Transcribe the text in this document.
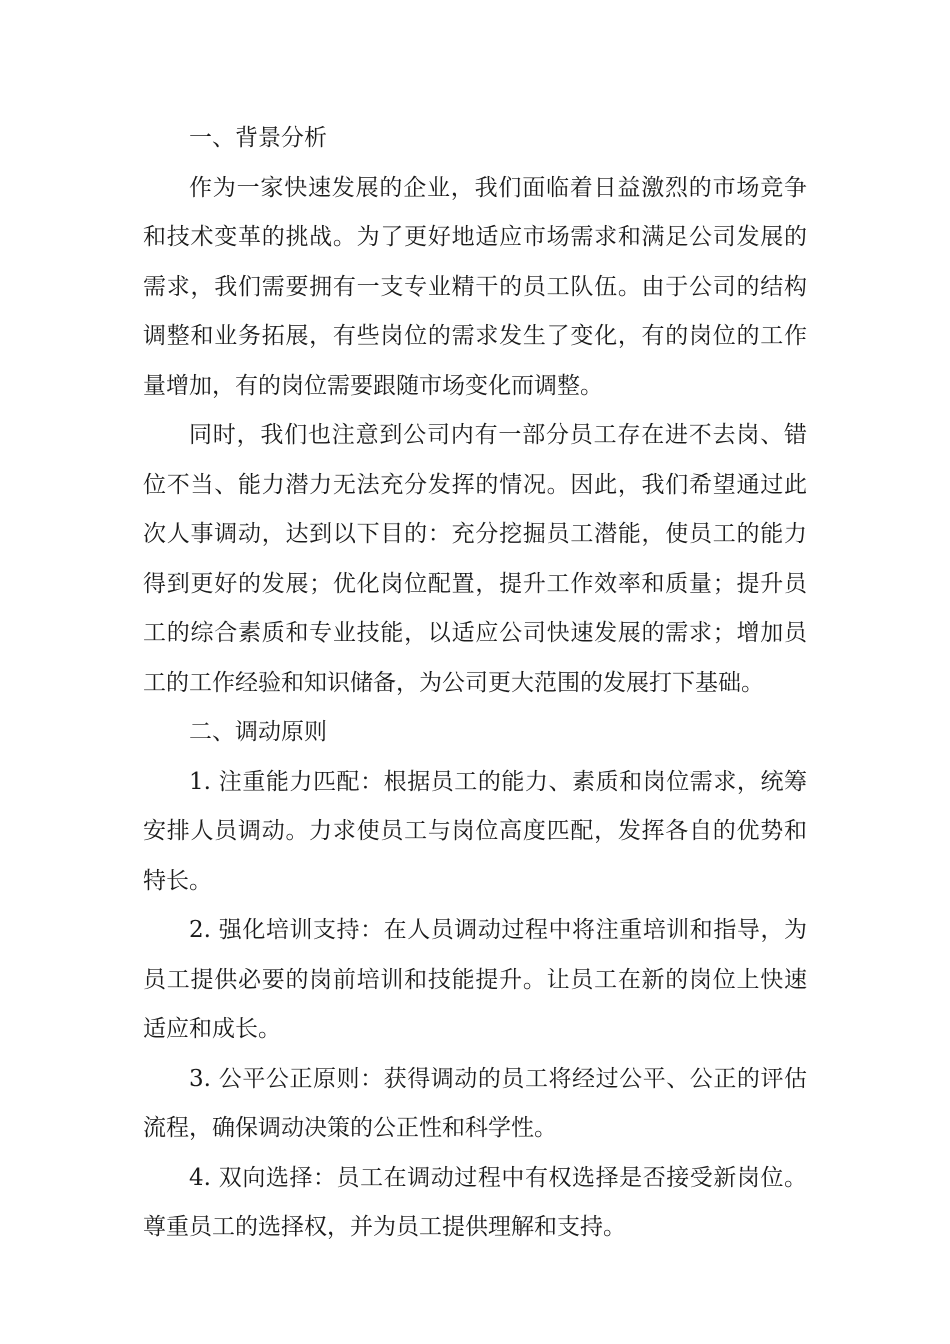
一、背景分析

作为一家快速发展的企业，我们面临着日益激烈的市场竞争和技术变革的挑战。为了更好地适应市场需求和满足公司发展的需求，我们需要拥有一支专业精干的员工队伍。由于公司的结构调整和业务拓展，有些岗位的需求发生了变化，有的岗位的工作量增加，有的岗位需要跟随市场变化而调整。

同时，我们也注意到公司内有一部分员工存在进不去岗、错位不当、能力潜力无法充分发挥的情况。因此，我们希望通过此次人事调动，达到以下目的：充分挖掘员工潜能，使员工的能力得到更好的发展；优化岗位配置，提升工作效率和质量；提升员工的综合素质和专业技能，以适应公司快速发展的需求；增加员工的工作经验和知识储备，为公司更大范围的发展打下基础。

二、调动原则

1. 注重能力匹配：根据员工的能力、素质和岗位需求，统筹安排人员调动。力求使员工与岗位高度匹配，发挥各自的优势和特长。

2. 强化培训支持：在人员调动过程中将注重培训和指导，为员工提供必要的岗前培训和技能提升。让员工在新的岗位上快速适应和成长。

3. 公平公正原则：获得调动的员工将经过公平、公正的评估流程，确保调动决策的公正性和科学性。

4. 双向选择：员工在调动过程中有权选择是否接受新岗位。尊重员工的选择权，并为员工提供理解和支持。
